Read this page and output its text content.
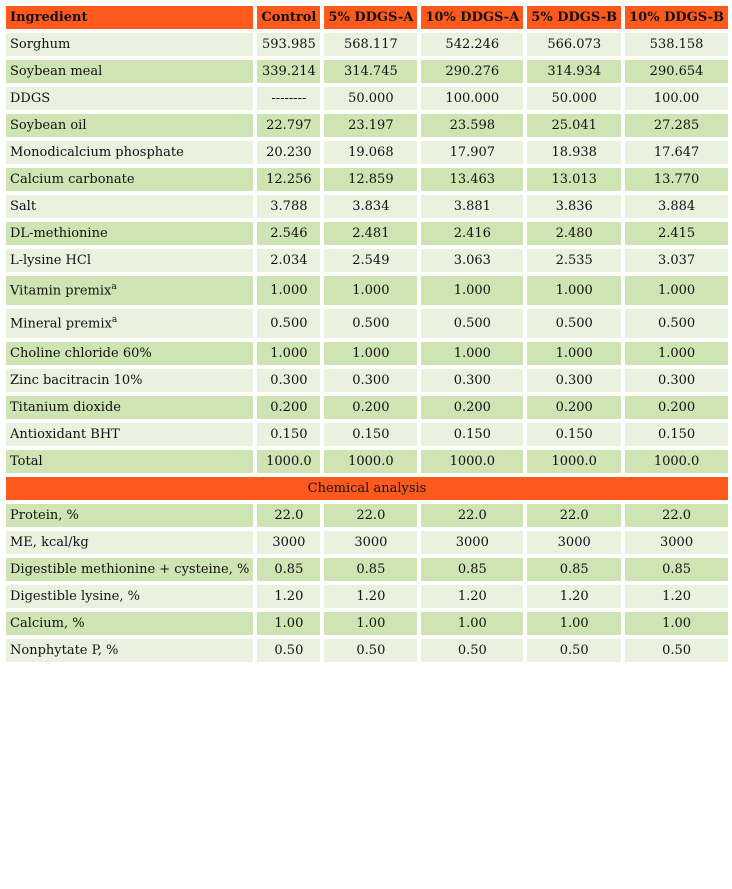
Ingredient	Control	5% DDGS-A	10% DDGS-A	5% DDGS-B	10% DDGS-B
Sorghum	593.985	568.117	542.246	566.073	538.158
Soybean meal	339.214	314.745	290.276	314.934	290.654
DDGS	--------	50.000	100.000	50.000	100.00
Soybean oil	22.797	23.197	23.598	25.041	27.285
Monodicalcium phosphate	20.230	19.068	17.907	18.938	17.647
Calcium carbonate	12.256	12.859	13.463	13.013	13.770
Salt	3.788	3.834	3.881	3.836	3.884
DL-methionine	2.546	2.481	2.416	2.480	2.415
L-lysine HCl	2.034	2.549	3.063	2.535	3.037
Vitamin premix$^a$	1.000	1.000	1.000	1.000	1.000
Mineral premix$^a$	0.500	0.500	0.500	0.500	0.500
Choline chloride 60%	1.000	1.000	1.000	1.000	1.000
Zinc bacitracin 10%	0.300	0.300	0.300	0.300	0.300
Titanium dioxide	0.200	0.200	0.200	0.200	0.200
Antioxidant BHT	0.150	0.150	0.150	0.150	0.150
Total	1000.0	1000.0	1000.0	1000.0	1000.0
Chemical analysis					
Protein, %	22.0	22.0	22.0	22.0	22.0
ME, kcal/kg	3000	3000	3000	3000	3000
Digestible methionine + cysteine, %	0.85	0.85	0.85	0.85	0.85
Digestible lysine, %	1.20	1.20	1.20	1.20	1.20
Calcium, %	1.00	1.00	1.00	1.00	1.00
Nonphytate P, %	0.50	0.50	0.50	0.50	0.50
